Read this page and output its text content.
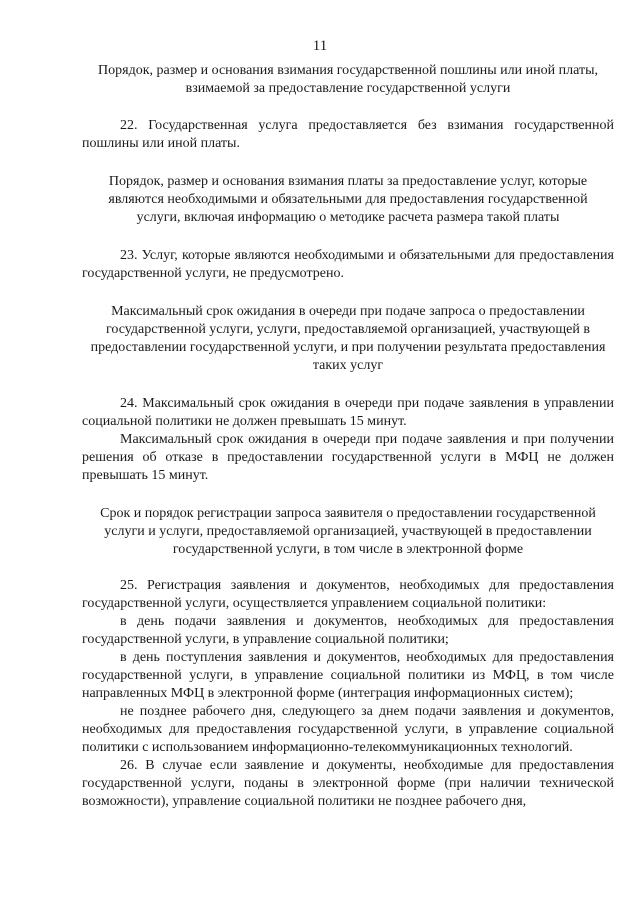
11

Порядок, размер и основания взимания государственной пошлины или иной платы, взимаемой за предоставление государственной услуги

22. Государственная услуга предоставляется без взимания государственной пошлины или иной платы.

Порядок, размер и основания взимания платы за предоставление услуг, которые являются необходимыми и обязательными для предоставления государственной услуги, включая информацию о методике расчета размера такой платы

23. Услуг, которые являются необходимыми и обязательными для предоставления государственной услуги, не предусмотрено.

Максимальный срок ожидания в очереди при подаче запроса о предоставлении государственной услуги, услуги, предоставляемой организацией, участвующей в предоставлении государственной услуги, и при получении результата предоставления таких услуг

24. Максимальный срок ожидания в очереди при подаче заявления в управлении социальной политики не должен превышать 15 минут.

Максимальный срок ожидания в очереди при подаче заявления и при получении решения об отказе в предоставлении государственной услуги в МФЦ не должен превышать 15 минут.

Срок и порядок регистрации запроса заявителя о предоставлении государственной услуги и услуги, предоставляемой организацией, участвующей в предоставлении государственной услуги, в том числе в электронной форме

25. Регистрация заявления и документов, необходимых для предоставления государственной услуги, осуществляется управлением социальной политики:

в день подачи заявления и документов, необходимых для предоставления государственной услуги, в управление социальной политики;

в день поступления заявления и документов, необходимых для предоставления государственной услуги, в управление социальной политики из МФЦ, в том числе направленных МФЦ в электронной форме (интеграция информационных систем);

не позднее рабочего дня, следующего за днем подачи заявления и документов, необходимых для предоставления государственной услуги, в управление социальной политики с использованием информационно-телекоммуникационных технологий.

26. В случае если заявление и документы, необходимые для предоставления государственной услуги, поданы в электронной форме (при наличии технической возможности), управление социальной политики не позднее рабочего дня,
